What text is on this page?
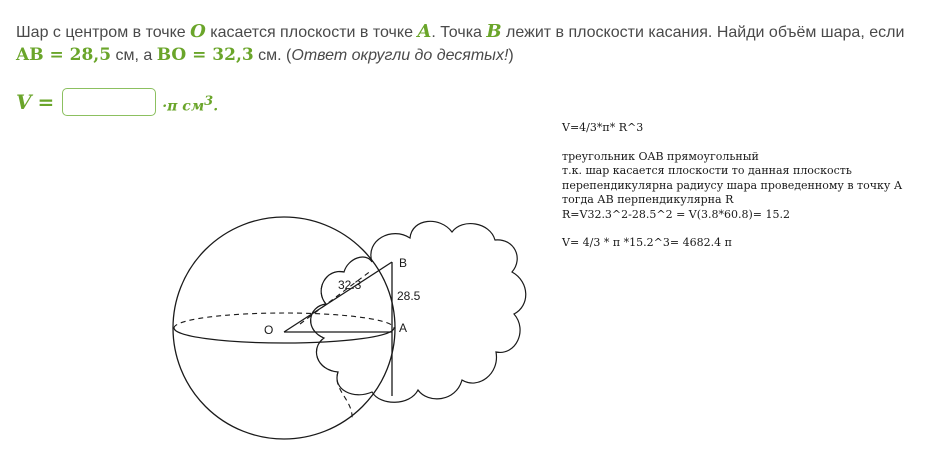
Шар с центром в точке O касается плоскости в точке A. Точка B лежит в плоскости касания. Найди объём шара, если AB = 28,5 см, а BO = 32,3 см. (Ответ округли до десятых!)
V =	·π $см^3$.
O	A
B
32.3
28.5
V=4/3*п* R^3
треугольник OAB прямоугольный
т.к. шар касается плоскости то данная плоскость
перепендикулярна радиусу шара проведенному в точку А
тогда АВ перпендикулярна R
R=V32.3^2-28.5^2 = V(3.8*60.8)= 15.2
V= 4/3 * п *15.2^3= 4682.4 п
